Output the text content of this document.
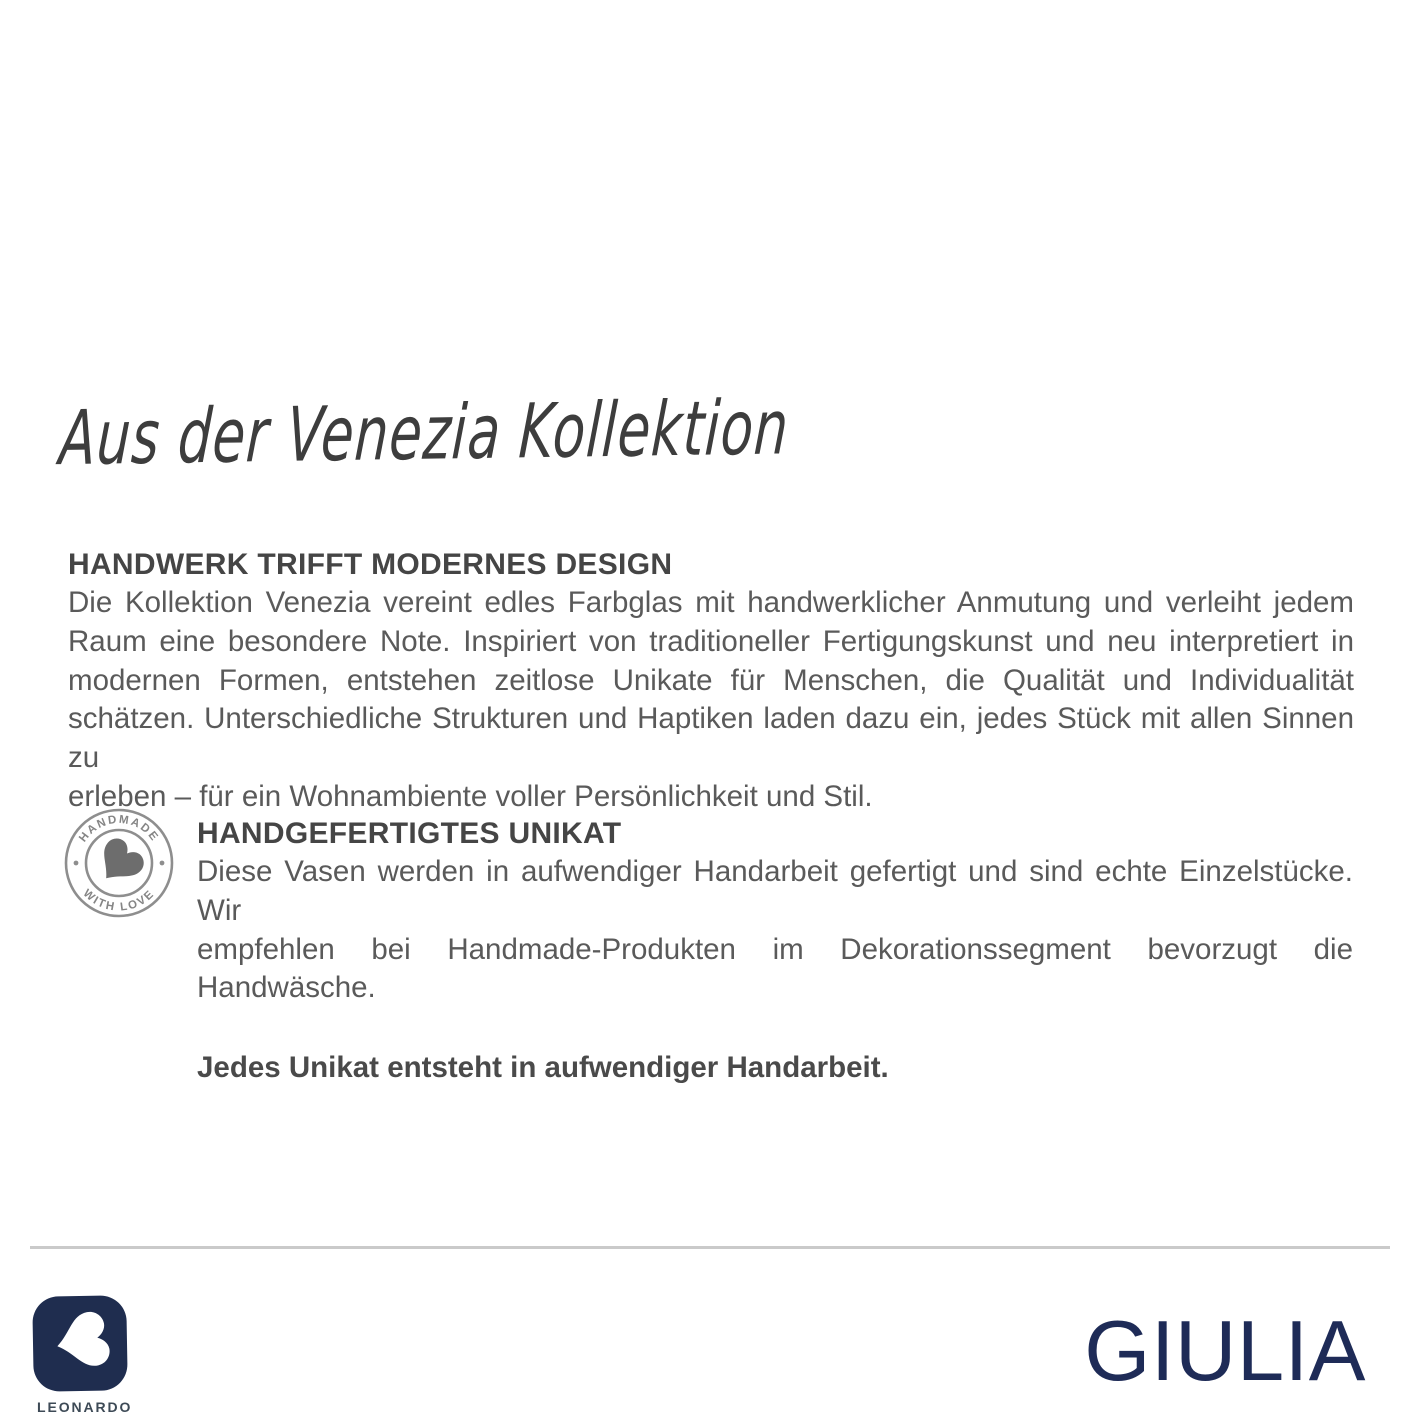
Aus der Venezia Kollektion
HANDWERK TRIFFT MODERNES DESIGN
Die Kollektion Venezia vereint edles Farbglas mit handwerklicher Anmutung und verleiht jedem
Raum eine besondere Note. Inspiriert von traditioneller Fertigungskunst und neu interpretiert in
modernen Formen, entstehen zeitlose Unikate für Menschen, die Qualität und Individualität
schätzen. Unterschiedliche Strukturen und Haptiken laden dazu ein, jedes Stück mit allen Sinnen zu
erleben – für ein Wohnambiente voller Persönlichkeit und Stil.
HANDMADE
WITH LOVE
HANDGEFERTIGTES UNIKAT
Diese Vasen werden in aufwendiger Handarbeit gefertigt und sind echte Einzelstücke. Wir
empfehlen bei Handmade-Produkten im Dekorationssegment bevorzugt die Handwäsche.
Jedes Unikat entsteht in aufwendiger Handarbeit.
LEONARDO
GIULIA
